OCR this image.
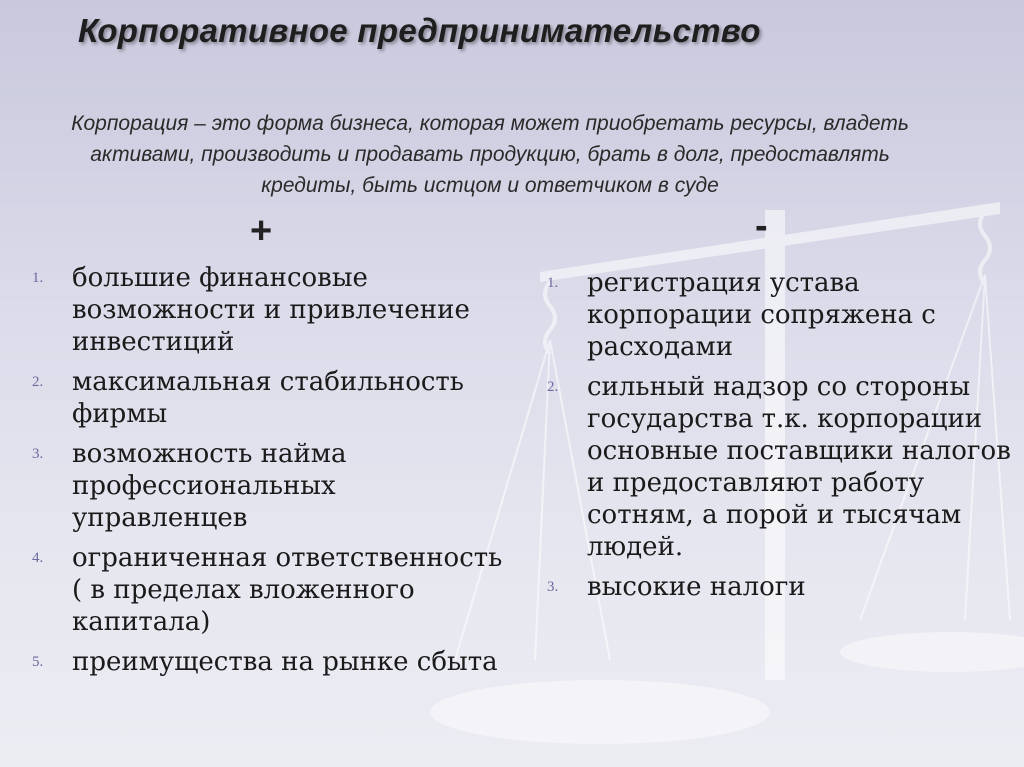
Корпоративное предпринимательство
Корпорация – это форма бизнеса, которая может приобретать ресурсы, владеть активами, производить и продавать продукцию, брать в долг, предоставлять кредиты, быть истцом и ответчиком в суде
+	-
1. большие финансовые возможности и привлечение инвестиций
2. максимальная стабильность фирмы
3. возможность найма профессиональных управленцев
4. ограниченная ответственность ( в пределах вложенного капитала)
5. преимущества на рынке сбыта
1. регистрация устава корпорации сопряжена с расходами
2. сильный надзор со стороны государства т.к. корпорации основные поставщики налогов и предоставляют работу сотням, а порой и тысячам людей.
3. высокие налоги
